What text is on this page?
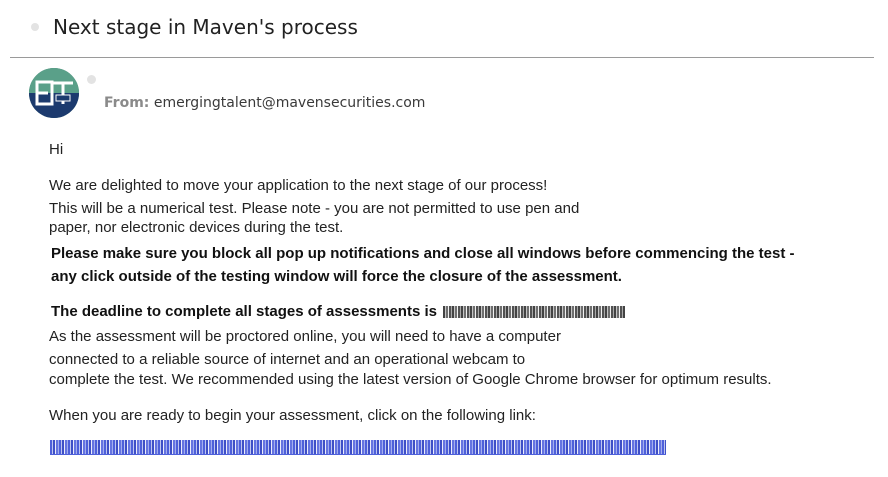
Next stage in Maven's process
From: emergingtalent@mavensecurities.com
Hi
We are delighted to move your application to the next stage of our process!
This will be a numerical test. Please note - you are not permitted to use pen and
paper, nor electronic devices during the test.
Please make sure you block all pop up notifications and close all windows before commencing the test -
any click outside of the testing window will force the closure of the assessment.
The deadline to complete all stages of assessments is
As the assessment will be proctored online, you will need to have a computer
connected to a reliable source of internet and an operational webcam to
complete the test. We recommended using the latest version of Google Chrome browser for optimum results.
When you are ready to begin your assessment, click on the following link:
